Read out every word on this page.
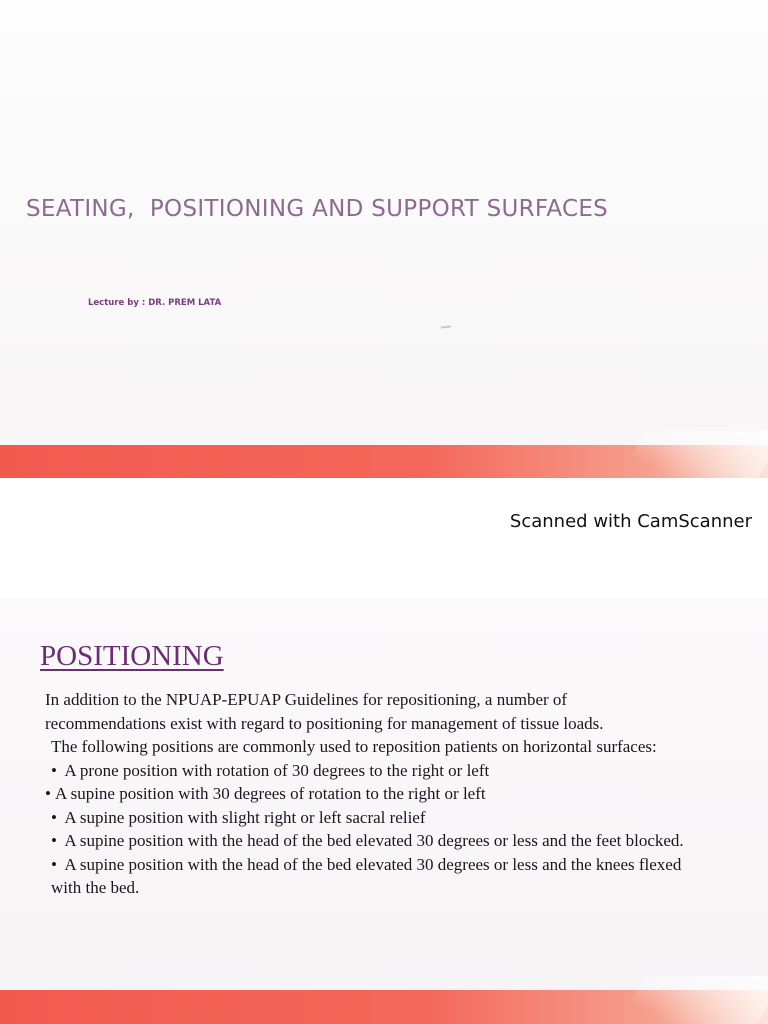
SEATING,  POSITIONING AND SUPPORT SURFACES

Lecture by : DR. PREM LATA

Scanned with CamScanner

POSITIONING

In addition to the NPUAP-EPUAP Guidelines for repositioning, a number of recommendations exist with regard to positioning for management of tissue loads.

The following positions are commonly used to reposition patients on horizontal surfaces:

• A prone position with rotation of 30 degrees to the right or left
• A supine position with 30 degrees of rotation to the right or left
• A supine position with slight right or left sacral relief
• A supine position with the head of the bed elevated 30 degrees or less and the feet blocked.
• A supine position with the head of the bed elevated 30 degrees or less and the knees flexed with the bed.
